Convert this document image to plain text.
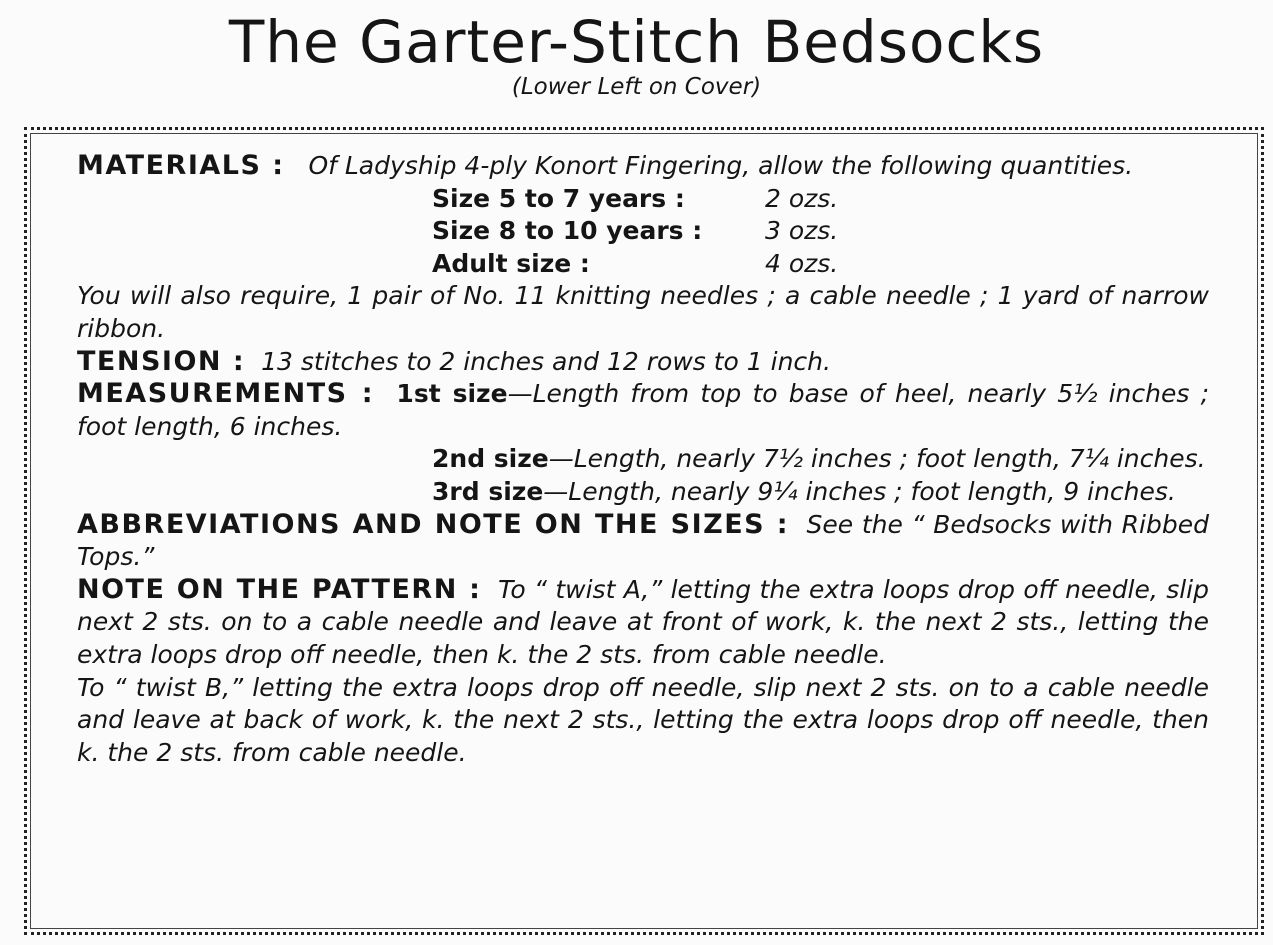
The Garter-Stitch Bedsocks
(Lower Left on Cover)

MATERIALS : Of Ladyship 4-ply Konort Fingering, allow the following quantities.

Size 5 to 7 years :	2 ozs.
Size 8 to 10 years :	3 ozs.
Adult size :	4 ozs.

You will also require, 1 pair of No. 11 knitting needles ; a cable needle ; 1 yard of narrow ribbon.

TENSION : 13 stitches to 2 inches and 12 rows to 1 inch.

MEASUREMENTS : 1st size—Length from top to base of heel, nearly 5½ inches ; foot length, 6 inches.

2nd size—Length, nearly 7½ inches ; foot length, 7¼ inches.

3rd size—Length, nearly 9¼ inches ; foot length, 9 inches.

ABBREVIATIONS AND NOTE ON THE SIZES : See the “ Bedsocks with Ribbed Tops.”

NOTE ON THE PATTERN : To “ twist A,” letting the extra loops drop off needle, slip next 2 sts. on to a cable needle and leave at front of work, k. the next 2 sts., letting the extra loops drop off needle, then k. the 2 sts. from cable needle.

To “ twist B,” letting the extra loops drop off needle, slip next 2 sts. on to a cable needle and leave at back of work, k. the next 2 sts., letting the extra loops drop off needle, then k. the 2 sts. from cable needle.
